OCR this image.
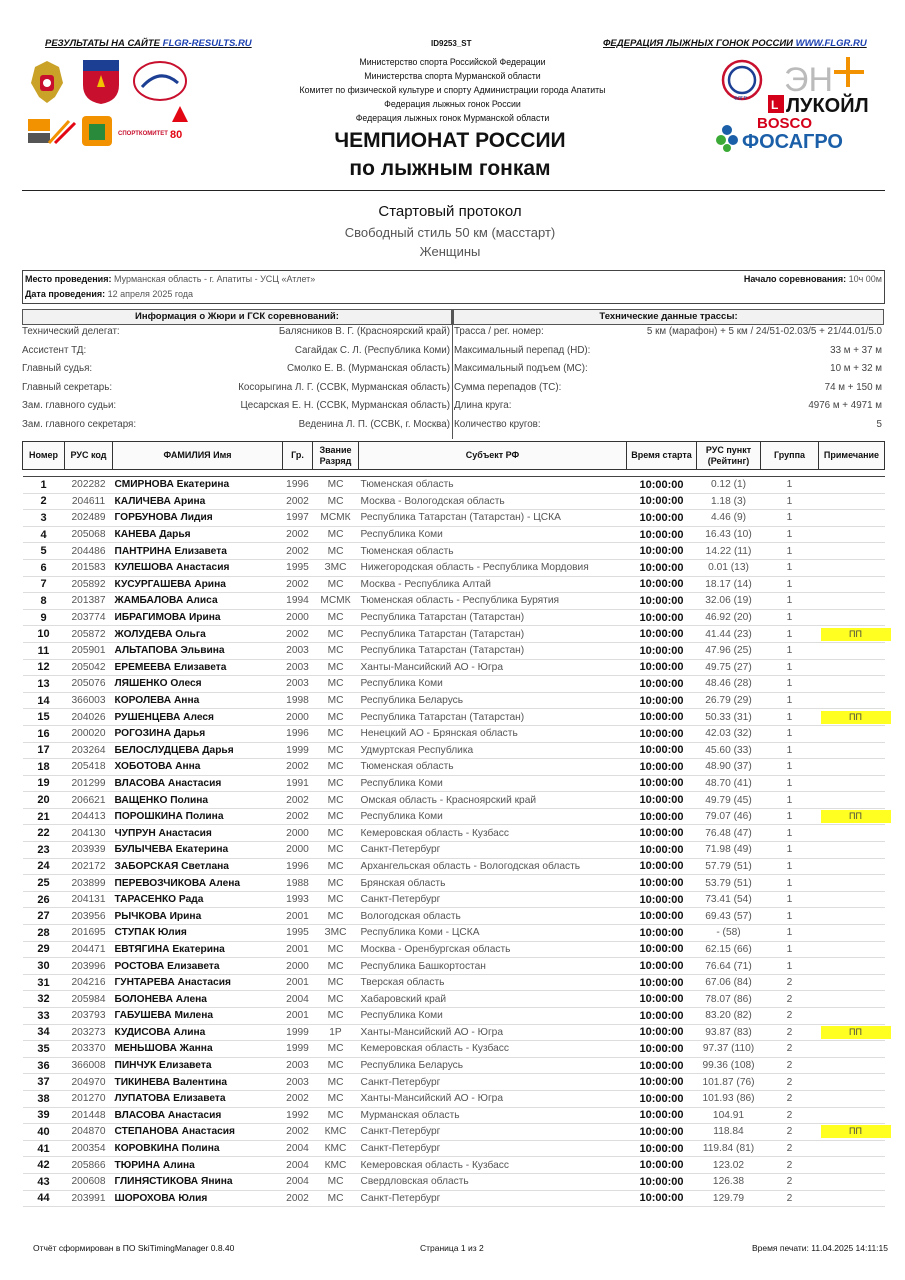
РЕЗУЛЬТАТЫ НА САЙТЕ FLGR-RESULTS.RU	ID9253_ST	ФЕДЕРАЦИЯ ЛЫЖНЫХ ГОНОК РОССИИ WWW.FLGR.RU
СПОРТКОМИТЕТ 80
Министерство спорта Российской Федерации
Министерства спорта Мурманской области
Комитет по физической культуре и спорту Администрации города Апатиты
Федерация лыжных гонок России
Федерация лыжных гонок Мурманской области
ЧЕМПИОНАТ РОССИИ
по лыжным гонкам
ФЛГР ЭН
L ЛУКОЙЛ
BOSCO
ФОСАГРО
Стартовый протокол
Свободный стиль 50 км (масстарт)
Женщины
Место проведения: Мурманская область - г. Апатиты - УСЦ «Атлет»
Дата проведения: 12 апреля 2025 года
Начало соревнования: 10ч 00м
Информация о Жюри и ГСК соревнований:	Технические данные трассы:
Технический делегат:	Балясников В. Г. (Красноярский край) Трасса / рег. номер:	5 км (марафон) + 5 км / 24/51-02.03/5 + 21/44.01/5.0
Ассистент ТД:	Сагайдак С. Л. (Республика Коми) Максимальный перепад (HD):	33 м + 37 м
Главный судья:	Смолко Е. В. (Мурманская область) Максимальный подъем (MC):	10 м + 32 м
Главный секретарь:	Косорыгина Л. Г. (ССВК, Мурманская область) Сумма перепадов (TC):	74 м + 150 м
Зам. главного судьи:	Цесарская Е. Н. (ССВК, Мурманская область) Длина круга:	4976 м + 4971 м
Зам. главного секретаря:	Веденина Л. П. (ССВК, г. Москва) Количество кругов:	5
Номер	РУС код	ФАМИЛИЯ Имя	Гр.	Звание Разряд	Субъект РФ	Время старта	РУС пункт (Рейтинг)	Группа	Примечание

1	202282	СМИРНОВА Екатерина	1996	МС	Тюменская область	10:00:00	0.12 (1)	1	
2	204611	КАЛИЧЕВА Арина	2002	МС	Москва - Вологодская область	10:00:00	1.18 (3)	1	
3	202489	ГОРБУНОВА Лидия	1997	МСМК	Республика Татарстан (Татарстан) - ЦСКА	10:00:00	4.46 (9)	1	
4	205068	КАНЕВА Дарья	2002	МС	Республика Коми	10:00:00	16.43 (10)	1	
5	204486	ПАНТРИНА Елизавета	2002	МС	Тюменская область	10:00:00	14.22 (11)	1	
6	201583	КУЛЕШОВА Анастасия	1995	ЗМС	Нижегородская область - Республика Мордовия	10:00:00	0.01 (13)	1	
7	205892	КУСУРГАШЕВА Арина	2002	МС	Москва - Республика Алтай	10:00:00	18.17 (14)	1	
8	201387	ЖАМБАЛОВА Алиса	1994	МСМК	Тюменская область - Республика Бурятия	10:00:00	32.06 (19)	1	
9	203774	ИБРАГИМОВА Ирина	2000	МС	Республика Татарстан (Татарстан)	10:00:00	46.92 (20)	1	
10	205872	ЖОЛУДЕВА Ольга	2002	МС	Республика Татарстан (Татарстан)	10:00:00	41.44 (23)	1	ПП
11	205901	АЛЬТАПОВА Эльвина	2003	МС	Республика Татарстан (Татарстан)	10:00:00	47.96 (25)	1	
12	205042	ЕРЕМЕЕВА Елизавета	2003	МС	Ханты-Мансийский АО - Югра	10:00:00	49.75 (27)	1	
13	205076	ЛЯШЕНКО Олеся	2003	МС	Республика Коми	10:00:00	48.46 (28)	1	
14	366003	КОРОЛЕВА Анна	1998	МС	Республика Беларусь	10:00:00	26.79 (29)	1	
15	204026	РУШЕНЦЕВА Алеся	2000	МС	Республика Татарстан (Татарстан)	10:00:00	50.33 (31)	1	ПП
16	200020	РОГОЗИНА Дарья	1996	МС	Ненецкий АО - Брянская область	10:00:00	42.03 (32)	1	
17	203264	БЕЛОСЛУДЦЕВА Дарья	1999	МС	Удмуртская Республика	10:00:00	45.60 (33)	1	
18	205418	ХОБОТОВА Анна	2002	МС	Тюменская область	10:00:00	48.90 (37)	1	
19	201299	ВЛАСОВА Анастасия	1991	МС	Республика Коми	10:00:00	48.70 (41)	1	
20	206621	ВАЩЕНКО Полина	2002	МС	Омская область - Красноярский край	10:00:00	49.79 (45)	1	
21	204413	ПОРОШКИНА Полина	2002	МС	Республика Коми	10:00:00	79.07 (46)	1	ПП
22	204130	ЧУПРУН Анастасия	2000	МС	Кемеровская область - Кузбасс	10:00:00	76.48 (47)	1	
23	203939	БУЛЫЧЕВА Екатерина	2000	МС	Санкт-Петербург	10:00:00	71.98 (49)	1	
24	202172	ЗАБОРСКАЯ Светлана	1996	МС	Архангельская область - Вологодская область	10:00:00	57.79 (51)	1	
25	203899	ПЕРЕВОЗЧИКОВА Алена	1988	МС	Брянская область	10:00:00	53.79 (51)	1	
26	204131	ТАРАСЕНКО Рада	1993	МС	Санкт-Петербург	10:00:00	73.41 (54)	1	
27	203956	РЫЧКОВА Ирина	2001	МС	Вологодская область	10:00:00	69.43 (57)	1	
28	201695	СТУПАК Юлия	1995	ЗМС	Республика Коми - ЦСКА	10:00:00	- (58)	1	
29	204471	ЕВТЯГИНА Екатерина	2001	МС	Москва - Оренбургская область	10:00:00	62.15 (66)	1	
30	203996	РОСТОВА Елизавета	2000	МС	Республика Башкортостан	10:00:00	76.64 (71)	1	
31	204216	ГУНТАРЕВА Анастасия	2001	МС	Тверская область	10:00:00	67.06 (84)	2	
32	205984	БОЛОНЕВА Алена	2004	МС	Хабаровский край	10:00:00	78.07 (86)	2	
33	203793	ГАБУШЕВА Милена	2001	МС	Республика Коми	10:00:00	83.20 (82)	2	
34	203273	КУДИСОВА Алина	1999	1Р	Ханты-Мансийский АО - Югра	10:00:00	93.87 (83)	2	ПП
35	203370	МЕНЬШОВА Жанна	1999	МС	Кемеровская область - Кузбасс	10:00:00	97.37 (110)	2	
36	366008	ПИНЧУК Елизавета	2003	МС	Республика Беларусь	10:00:00	99.36 (108)	2	
37	204970	ТИКИНЕВА Валентина	2003	МС	Санкт-Петербург	10:00:00	101.87 (76)	2	
38	201270	ЛУПАТОВА Елизавета	2002	МС	Ханты-Мансийский АО - Югра	10:00:00	101.93 (86)	2	
39	201448	ВЛАСОВА Анастасия	1992	МС	Мурманская область	10:00:00	104.91	2	
40	204870	СТЕПАНОВА Анастасия	2002	КМС	Санкт-Петербург	10:00:00	118.84	2	ПП
41	200354	КОРОВКИНА Полина	2004	КМС	Санкт-Петербург	10:00:00	119.84 (81)	2	
42	205866	ТЮРИНА Алина	2004	КМС	Кемеровская область - Кузбасс	10:00:00	123.02	2	
43	200608	ГЛИНЯСТИКОВА Янина	2004	МС	Свердловская область	10:00:00	126.38	2	
44	203991	ШОРОХОВА Юлия	2002	МС	Санкт-Петербург	10:00:00	129.79	2	
Отчёт сформирован в ПО SkiTimingManager 0.8.40	Страница 1 из 2	Время печати: 11.04.2025 14:11:15
